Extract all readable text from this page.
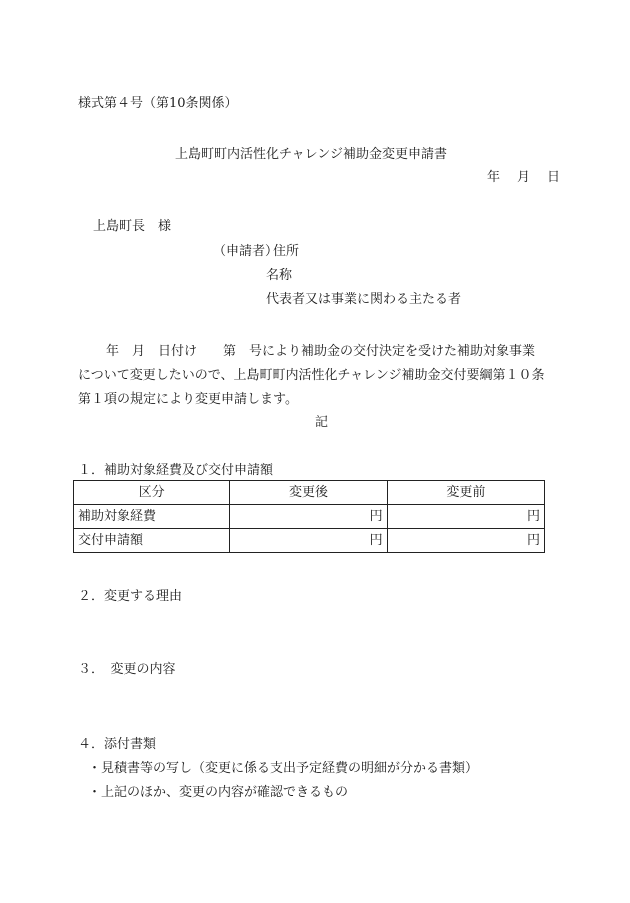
様式第４号（第10条関係）
上島町町内活性化チャレンジ補助金変更申請書
年　月　日
上島町長　様
（申請者）
住所
名称
代表者又は事業に関わる主たる者

年　月　日付け　　第　号により補助金の交付決定を受けた補助対象事業

について変更したいので、上島町町内活性化チャレンジ補助金交付要綱第１０条

第１項の規定により変更申請します。

記
１．補助対象経費及び交付申請額
区分	変更後	変更前
補助対象経費	円	円
交付申請額	円	円
２．変更する理由
３．　変更の内容
４．添付書類
・見積書等の写し（変更に係る支出予定経費の明細が分かる書類）
・上記のほか、変更の内容が確認できるもの
